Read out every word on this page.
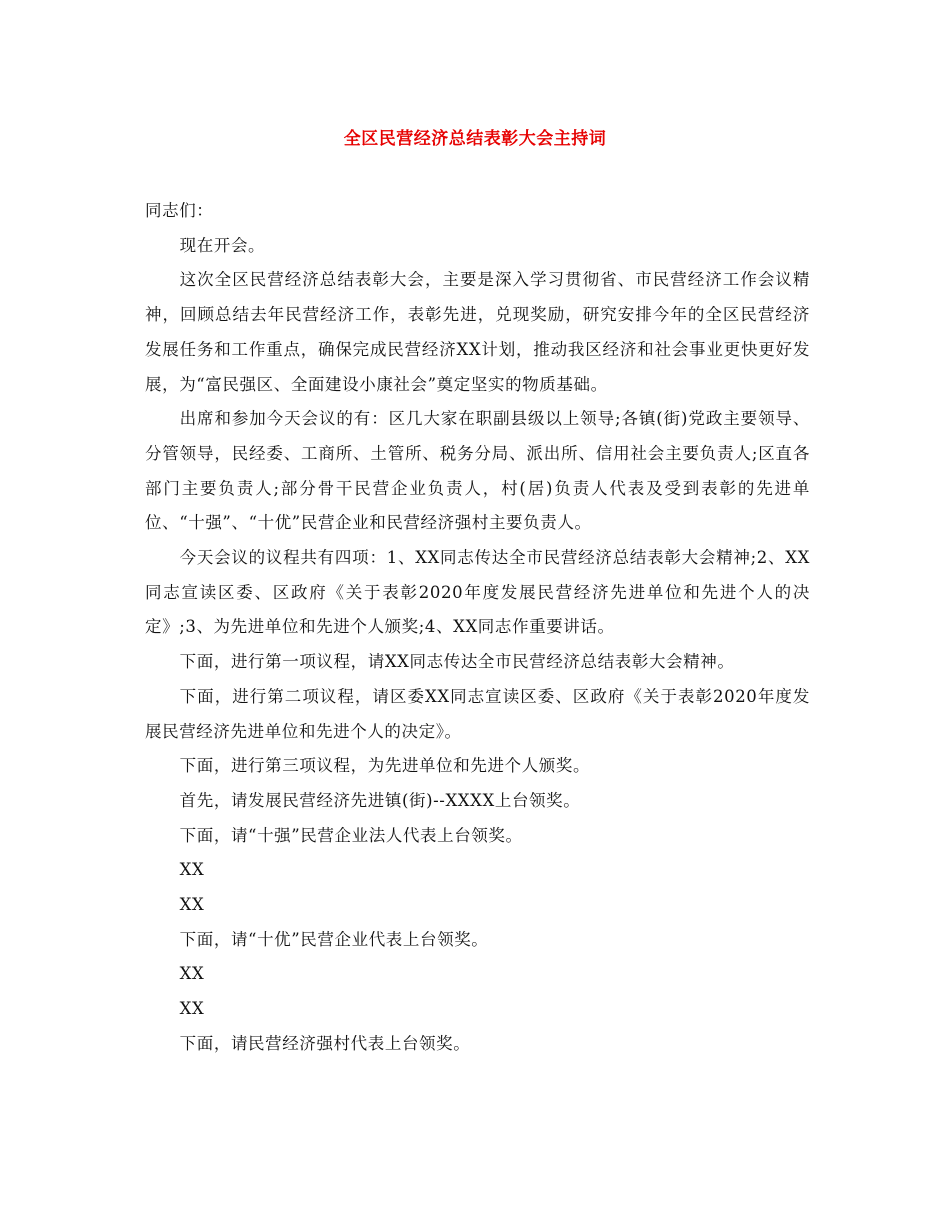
全区民营经济总结表彰大会主持词

同志们：

现在开会。

这次全区民营经济总结表彰大会，主要是深入学习贯彻省、市民营经济工作会议精神，回顾总结去年民营经济工作，表彰先进，兑现奖励，研究安排今年的全区民营经济发展任务和工作重点，确保完成民营经济XX计划，推动我区经济和社会事业更快更好发展，为“富民强区、全面建设小康社会”奠定坚实的物质基础。

出席和参加今天会议的有：区几大家在职副县级以上领导;各镇(街)党政主要领导、分管领导，民经委、工商所、土管所、税务分局、派出所、信用社会主要负责人;区直各部门主要负责人;部分骨干民营企业负责人，村(居)负责人代表及受到表彰的先进单位、“十强”、“十优”民营企业和民营经济强村主要负责人。

今天会议的议程共有四项：1、XX同志传达全市民营经济总结表彰大会精神;2、XX同志宣读区委、区政府《关于表彰2020年度发展民营经济先进单位和先进个人的决定》;3、为先进单位和先进个人颁奖;4、XX同志作重要讲话。

下面，进行第一项议程，请XX同志传达全市民营经济总结表彰大会精神。

下面，进行第二项议程，请区委XX同志宣读区委、区政府《关于表彰2020年度发展民营经济先进单位和先进个人的决定》。

下面，进行第三项议程，为先进单位和先进个人颁奖。

首先，请发展民营经济先进镇(街)--XXXX上台领奖。

下面，请“十强”民营企业法人代表上台领奖。

XX

XX

下面，请“十优”民营企业代表上台领奖。

XX

XX

下面，请民营经济强村代表上台领奖。
